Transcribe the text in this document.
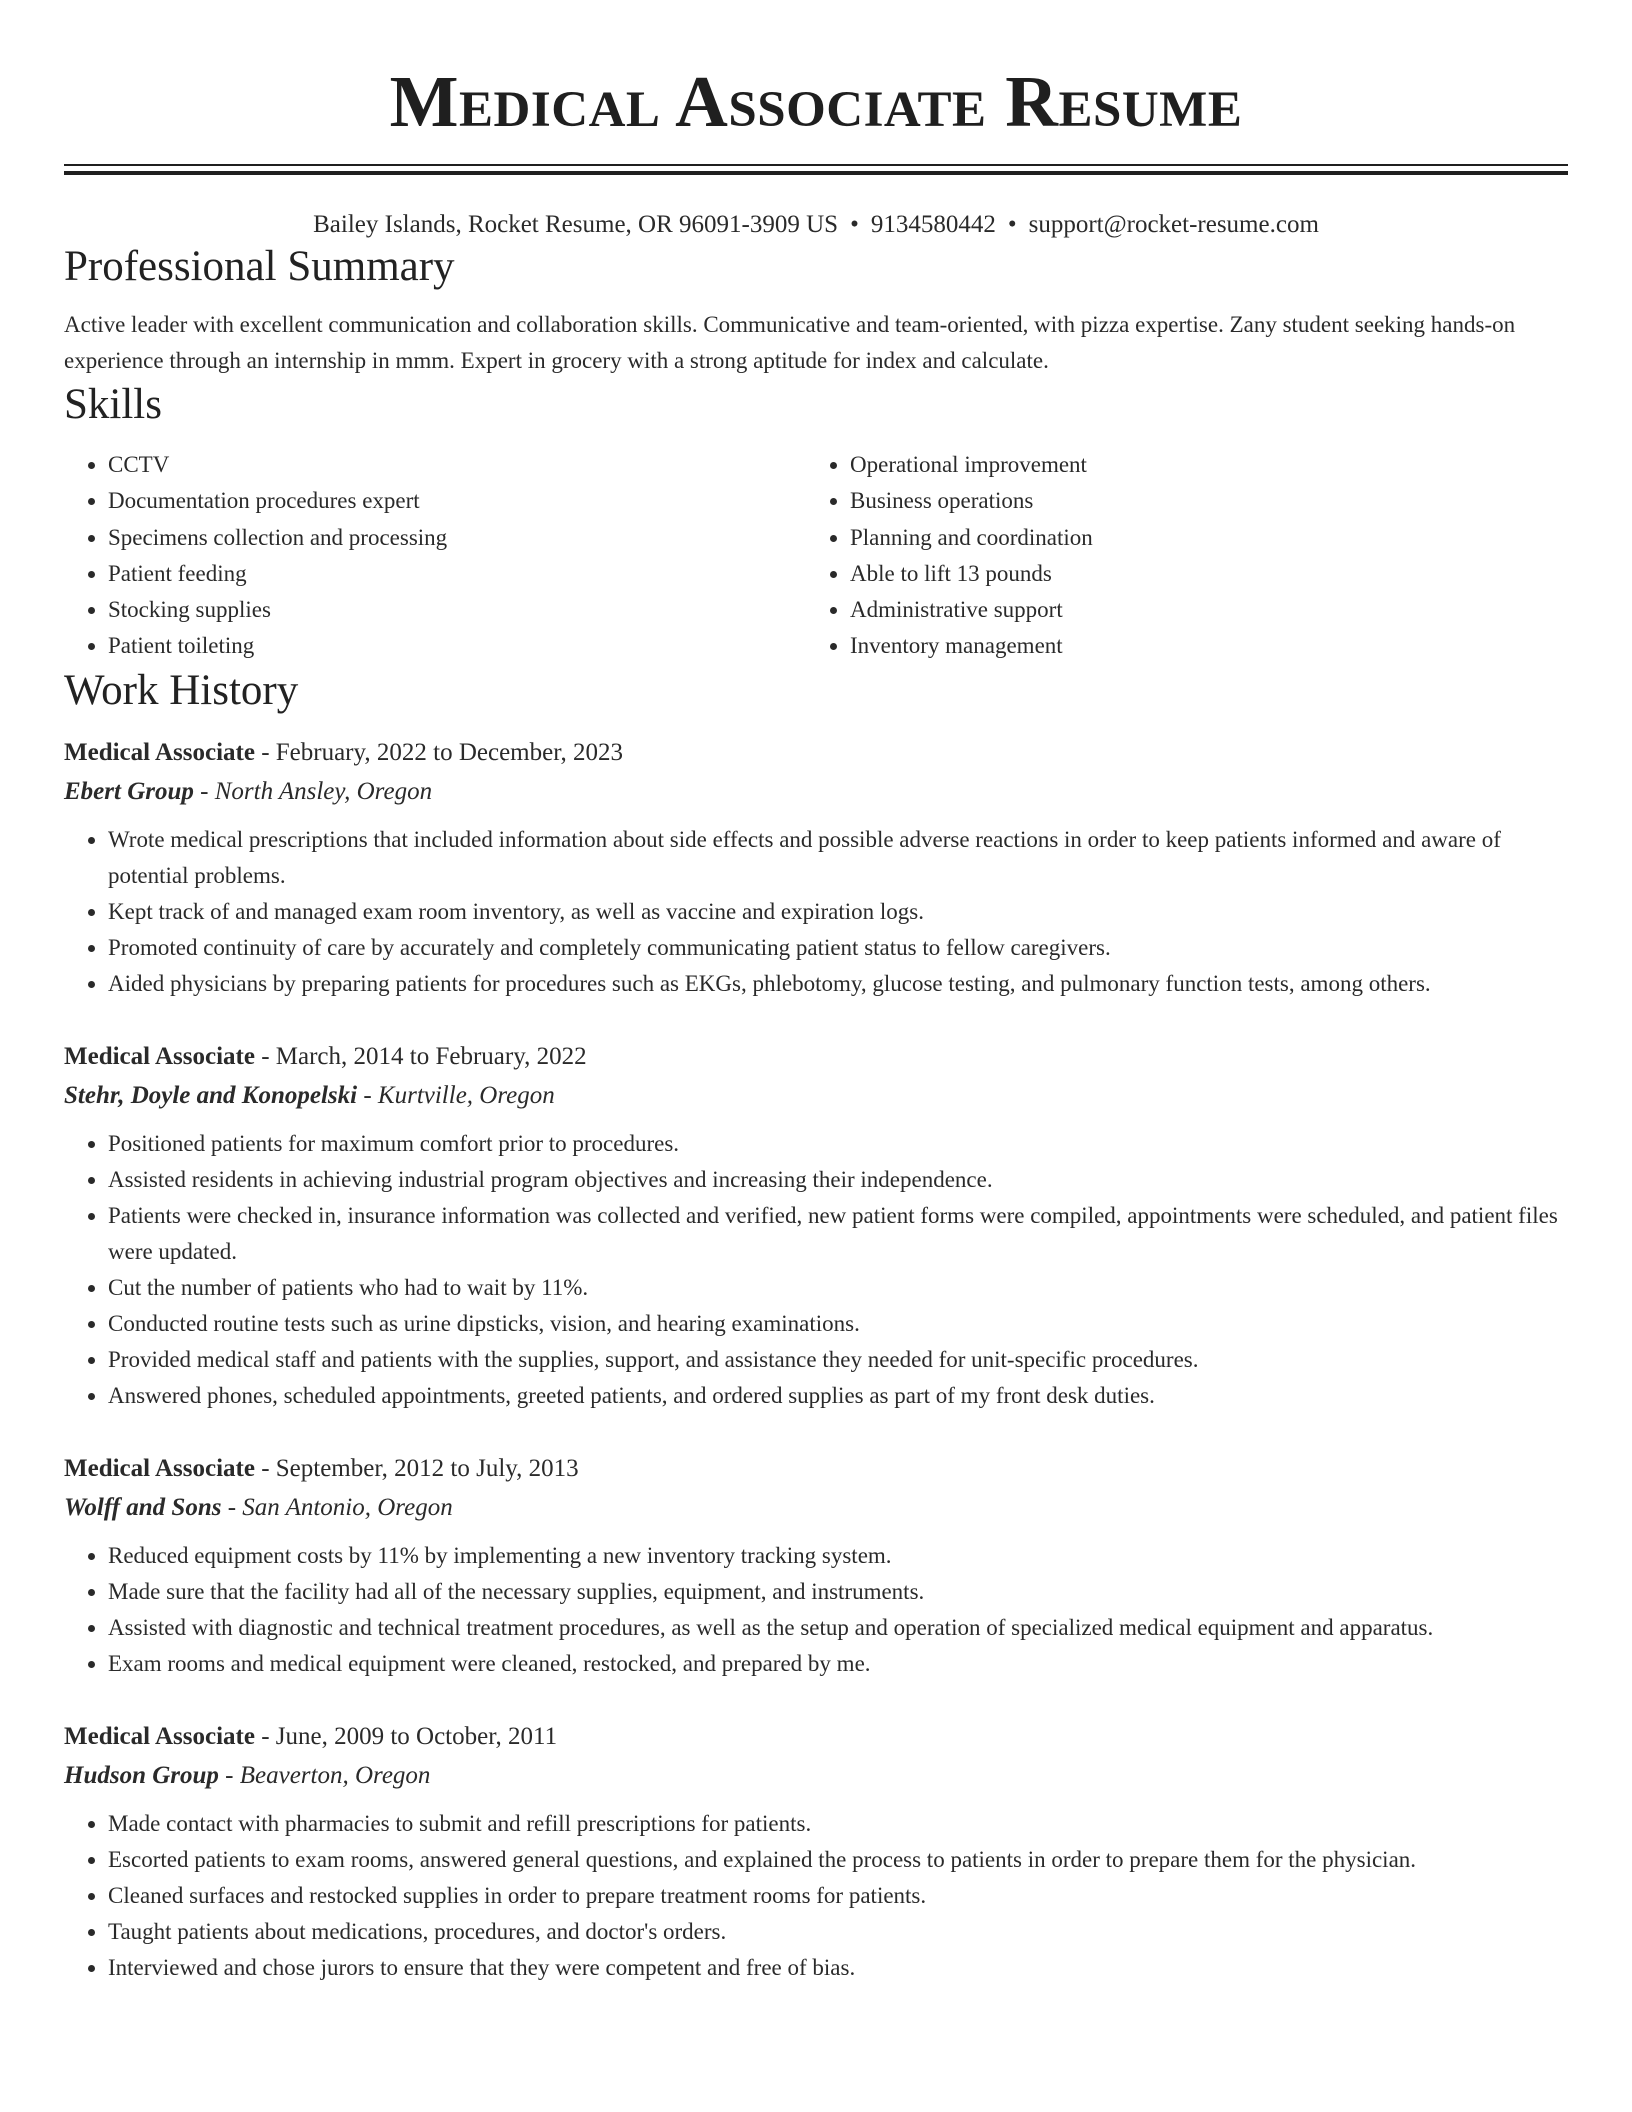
Medical Associate Resume
Bailey Islands, Rocket Resume, OR 96091-3909 US • 9134580442 • support@rocket-resume.com
Professional Summary
Active leader with excellent communication and collaboration skills. Communicative and team-oriented, with pizza expertise. Zany student seeking hands-on experience through an internship in mmm. Expert in grocery with a strong aptitude for index and calculate.
Skills
• CCTV
• Documentation procedures expert
• Specimens collection and processing
• Patient feeding
• Stocking supplies
• Patient toileting
• Operational improvement
• Business operations
• Planning and coordination
• Able to lift 13 pounds
• Administrative support
• Inventory management
Work History
Medical Associate - February, 2022 to December, 2023
Ebert Group - North Ansley, Oregon
• Wrote medical prescriptions that included information about side effects and possible adverse reactions in order to keep patients informed and aware of potential problems.
• Kept track of and managed exam room inventory, as well as vaccine and expiration logs.
• Promoted continuity of care by accurately and completely communicating patient status to fellow caregivers.
• Aided physicians by preparing patients for procedures such as EKGs, phlebotomy, glucose testing, and pulmonary function tests, among others.
Medical Associate - March, 2014 to February, 2022
Stehr, Doyle and Konopelski - Kurtville, Oregon
• Positioned patients for maximum comfort prior to procedures.
• Assisted residents in achieving industrial program objectives and increasing their independence.
• Patients were checked in, insurance information was collected and verified, new patient forms were compiled, appointments were scheduled, and patient files were updated.
• Cut the number of patients who had to wait by 11%.
• Conducted routine tests such as urine dipsticks, vision, and hearing examinations.
• Provided medical staff and patients with the supplies, support, and assistance they needed for unit-specific procedures.
• Answered phones, scheduled appointments, greeted patients, and ordered supplies as part of my front desk duties.
Medical Associate - September, 2012 to July, 2013
Wolff and Sons - San Antonio, Oregon
• Reduced equipment costs by 11% by implementing a new inventory tracking system.
• Made sure that the facility had all of the necessary supplies, equipment, and instruments.
• Assisted with diagnostic and technical treatment procedures, as well as the setup and operation of specialized medical equipment and apparatus.
• Exam rooms and medical equipment were cleaned, restocked, and prepared by me.
Medical Associate - June, 2009 to October, 2011
Hudson Group - Beaverton, Oregon
• Made contact with pharmacies to submit and refill prescriptions for patients.
• Escorted patients to exam rooms, answered general questions, and explained the process to patients in order to prepare them for the physician.
• Cleaned surfaces and restocked supplies in order to prepare treatment rooms for patients.
• Taught patients about medications, procedures, and doctor's orders.
• Interviewed and chose jurors to ensure that they were competent and free of bias.
